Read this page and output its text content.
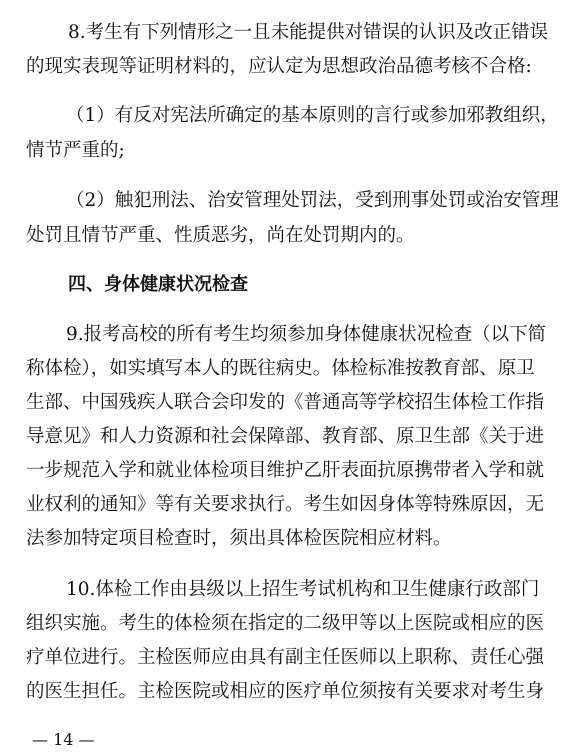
8.考生有下列情形之一且未能提供对错误的认识及改正错误
的现实表现等证明材料的，应认定为思想政治品德考核不合格:
（1）有反对宪法所确定的基本原则的言行或参加邪教组织，
情节严重的;
（2）触犯刑法、治安管理处罚法，受到刑事处罚或治安管理
处罚且情节严重、性质恶劣，尚在处罚期内的。
四、身体健康状况检查
9.报考高校的所有考生均须参加身体健康状况检查（以下简
称体检），如实填写本人的既往病史。体检标准按教育部、原卫
生部、中国残疾人联合会印发的《普通高等学校招生体检工作指
导意见》和人力资源和社会保障部、教育部、原卫生部《关于进
一步规范入学和就业体检项目维护乙肝表面抗原携带者入学和就
业权利的通知》等有关要求执行。考生如因身体等特殊原因，无
法参加特定项目检查时，须出具体检医院相应材料。
10.体检工作由县级以上招生考试机构和卫生健康行政部门
组织实施。考生的体检须在指定的二级甲等以上医院或相应的医
疗单位进行。主检医师应由具有副主任医师以上职称、责任心强
的医生担任。主检医院或相应的医疗单位须按有关要求对考生身
— 14 —
